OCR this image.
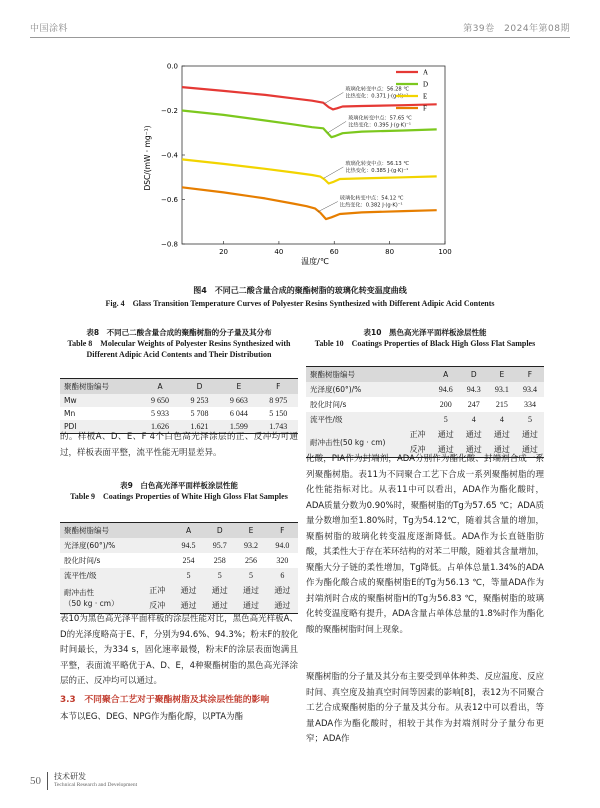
中国涂料	第39卷　2024年第08期
20	40	60	80	100
0.0
−0.2
−0.4
−0.6
−0.8
玻璃化转变中点：56.28 ℃
比热变化：0.371 J·(g·K)⁻¹
玻璃化转变中点：57.65 ℃
比热变化：0.395 J·(g·K)⁻¹
玻璃化转变中点：56.13 ℃
比热变化：0.385 J·(g·K)⁻¹
玻璃化转变中点：54.12 ℃
比热变化：0.382 J·(g·K)⁻¹
A
D
E
F
温度/℃
DSC/(mW · mg⁻¹)
图4　不同己二酸含量合成的聚酯树脂的玻璃化转变温度曲线
Fig. 4　Glass Transition Temperature Curves of Polyester Resins Synthesized with Different Adipic Acid Contents
表8　不同己二酸含量合成的聚酯树脂的分子量及其分布
Table 8　Molecular Weights of Polyester Resins Synthesized with Different Adipic Acid Contents and Their Distribution
聚酯树脂编号	A	D	E	F
Mw	9 650	9 253	9 663	8 975
Mn	5 933	5 708	6 044	5 150
PDI	1.626	1.621	1.599	1.743
的。样板A、D、E、F 4个白色高光泽涂层的正、反冲均可通过，样板表面平整，流平性能无明显差异。
表9　白色高光泽平面样板涂层性能
Table 9　Coatings Properties of White High Gloss Flat Samples
聚酯树脂编号		A	D	E	F
光泽度(60°)/%		94.5	95.7	93.2	94.0
胶化时间/s		254	258	256	320
流平性/级		5	5	5	6
耐冲击性
（50 kg · cm）	正冲	通过	通过	通过	通过
	反冲	通过	通过	通过	通过
表10为黑色高光泽平面样板的涂层性能对比，黑色高光样板A、D的光泽度略高于E、F，分别为94.6%、94.3%；粉末F的胶化时间最长，为334 s，固化速率最慢，粉末F的涂层表面饱满且平整，表面流平略优于A、D、E，4种聚酯树脂的黑色高光泽涂层的正、反冲均可以通过。
3.3　不同聚合工艺对于聚酯树脂及其涂层性能的影响
本节以EG、DEG、NPG作为酯化醇，以PTA为酯
表10　黑色高光泽平面样板涂层性能
Table 10　Coatings Properties of Black High Gloss Flat Samples
聚酯树脂编号		A	D	E	F
光泽度(60°)/%		94.6	94.3	93.1	93.4
胶化时间/s		200	247	215	334
流平性/级		5	4	4	5
耐冲击性(50 kg · cm)	正冲	通过	通过	通过	通过
	反冲	通过	通过	通过	通过
化酸，PIA作为封端剂，ADA分别作为酯化酸、封端剂合成一系列聚酯树脂。表11为不同聚合工艺下合成一系列聚酯树脂的理化性能指标对比。从表11中可以看出，ADA作为酯化酸时，ADA质量分数为0.90%时，聚酯树脂的Tg为57.65 ℃；ADA质量分数增加至1.80%时，Tg为54.12℃，随着其含量的增加，聚酯树脂的玻璃化转变温度逐渐降低。ADA作为长直链脂肪酸，其柔性大于存在苯环结构的对苯二甲酸，随着其含量增加，聚酯大分子链的柔性增加，Tg降低。占单体总量1.34%的ADA作为酯化酸合成的聚酯树脂E的Tg为56.13 ℃，等量ADA作为封端剂时合成的聚酯树脂H的Tg为56.83 ℃，聚酯树脂的玻璃化转变温度略有提升，ADA含量占单体总量的1.8%时作为酯化酸的聚酯树脂时间上现象。
聚酯树脂的分子量及其分布主要受到单体种类、反应温度、反应时间、真空度及抽真空时间等因素的影响[8]，表12为不同聚合工艺合成聚酯树脂的分子量及其分布。从表12中可以看出，等量ADA作为酯化酸时，相较于其作为封端剂时分子量分布更窄；ADA作
50 技术研发
Technical Research and Development
